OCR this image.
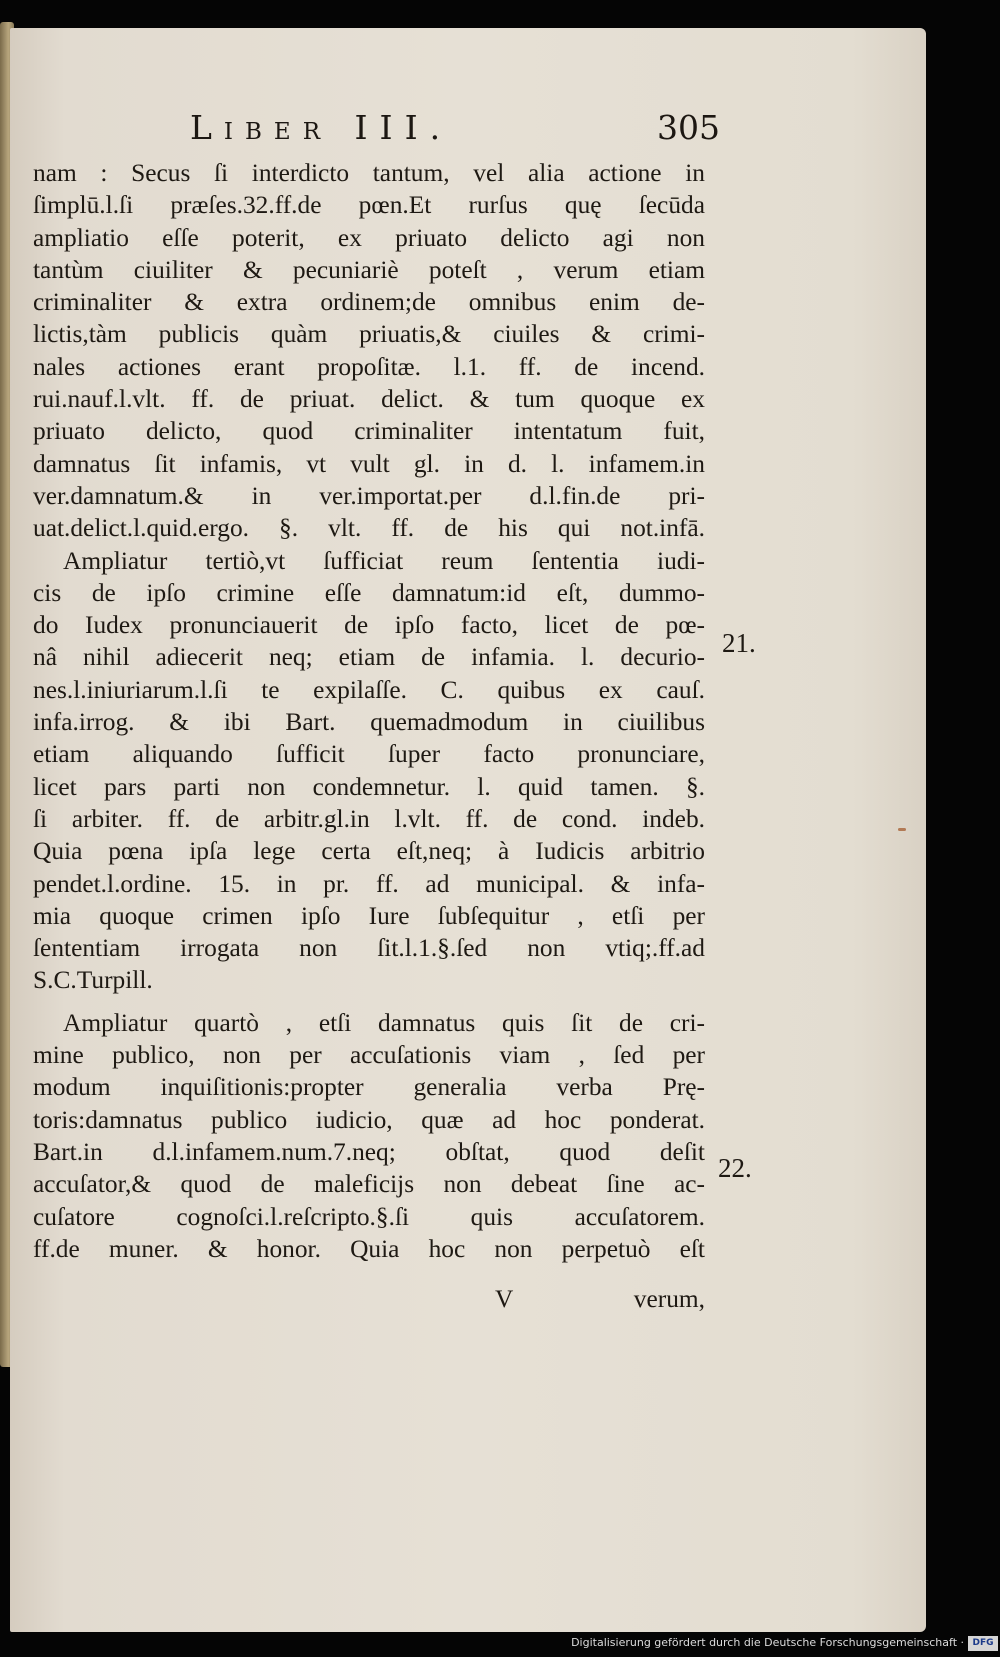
Liber III.	305
nam : Secus ſi interdicto tantum, vel alia actione in
ſimplū.l.ſi præſes.32.ff.de pœn.Et rurſus quę ſecūda
ampliatio eſſe poterit, ex priuato delicto agi non
tantùm ciuiliter & pecuniariè poteſt , verum etiam
criminaliter & extra ordinem;de omnibus enim de-
lictis,tàm publicis quàm priuatis,& ciuiles & crimi-
nales actiones erant propoſitæ. l.1. ff. de incend.
rui.nauf.l.vlt. ff. de priuat. delict. & tum quoque ex
priuato delicto, quod criminaliter intentatum fuit,
damnatus ſit infamis, vt vult gl. in d. l. infamem.in
ver.damnatum.& in ver.importat.per d.l.fin.de pri-
uat.delict.l.quid.ergo. §. vlt. ff. de his qui not.infā.
Ampliatur tertiò,vt ſufficiat reum ſententia iudi-
cis de ipſo crimine eſſe damnatum:id eſt, dummo-
do Iudex pronunciauerit de ipſo facto, licet de pœ-
nâ nihil adiecerit neq; etiam de infamia. l. decurio-
nes.l.iniuriarum.l.ſi te expilaſſe. C. quibus ex cauſ.
infa.irrog. & ibi Bart. quemadmodum in ciuilibus
etiam aliquando ſufficit ſuper facto pronunciare,
licet pars parti non condemnetur. l. quid tamen. §.
ſi arbiter. ff. de arbitr.gl.in l.vlt. ff. de cond. indeb.
Quia pœna ipſa lege certa eſt,neq; à Iudicis arbitrio
pendet.l.ordine. 15. in pr. ff. ad municipal. & infa-
mia quoque crimen ipſo Iure ſubſequitur , etſi per
ſententiam irrogata non ſit.l.1.§.ſed non vtiq;.ff.ad
S.C.Turpill.
Ampliatur quartò , etſi damnatus quis ſit de cri-
mine publico, non per accuſationis viam , ſed per
modum inquiſitionis:propter generalia verba Prę-
toris:damnatus publico iudicio, quæ ad hoc ponderat.
Bart.in d.l.infamem.num.7.neq; obſtat, quod deſit
accuſator,& quod de maleficijs non debeat ſine ac-
cuſatore cognoſci.l.reſcripto.§.ſi quis accuſatorem.
ff.de muner. & honor. Quia hoc non perpetuò eſt
21.
22.
V	verum,
Digitalisierung gefördert durch die Deutsche Forschungsgemeinschaft · DFG
